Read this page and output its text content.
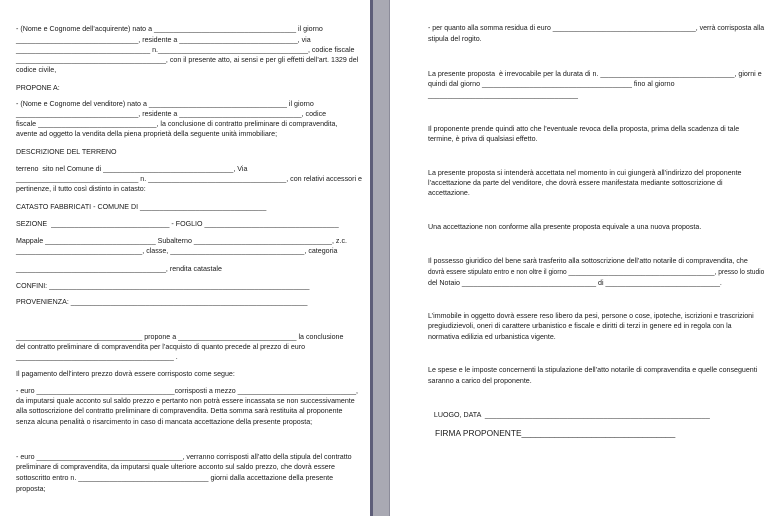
- (Nome e Cognome dell’acquirente) nato a ____________________________________ il giorno
_______________________________, residente a ______________________________, via
__________________________________ n.______________________________________, codice fiscale
______________________________________, con il presente atto, ai sensi e per gli effetti dell’art. 1329 del
codice civile,
PROPONE A:
- (Nome e Cognome del venditore) nato a ___________________________________ il giorno
_______________________________, residente a _______________________________, codice
fiscale ______________________________, la conclusione di contratto preliminare di compravendita,
avente ad oggetto la vendita della piena proprietà della seguente unità immobiliare;
DESCRIZIONE DEL TERRENO
terreno  sito nel Comune di _________________________________, Via
_______________________________ n. ___________________________________, con relativi accessori e
pertinenze, il tutto così distinto in catasto:
CATASTO FABBRICATI - COMUNE DI ________________________________
SEZIONE  ______________________________ - FOGLIO __________________________________
Mappale ____________________________ Subalterno ___________________________________, z.c.
________________________________, classe, __________________________________, categoria
______________________________________, rendita catastale
CONFINI: __________________________________________________________________
PROVENIENZA: ____________________________________________________________
________________________________ propone a ______________________________ la conclusione
del contratto preliminare di compravendita per l’acquisto di quanto precede al prezzo di euro
________________________________________ .
Il pagamento dell’intero prezzo dovrà essere corrisposto come segue:
- euro ___________________________________corrisposti a mezzo ______________________________,
da imputarsi quale acconto sul saldo prezzo e pertanto non potrà essere incassata se non successivamente
alla sottoscrizione del contratto preliminare di compravendita. Detta somma sarà restituita al proponente
senza alcuna penalità o risarcimento in caso di mancata accettazione della presente proposta;
- euro _____________________________________, verranno corrisposti all’atto della stipula del contratto
preliminare di compravendita, da imputarsi quale ulteriore acconto sul saldo prezzo, che dovrà essere
sottoscritto entro n. _________________________________ giorni dalla accettazione della presente
proposta;
- per quanto alla somma residua di euro _____________________________________, verrà corrisposta alla
stipula del rogito.
La presente proposta  è irrevocabile per la durata di n. __________________________________, giorni e
quindi dal giorno ______________________________________ fino al giorno
______________________________________
Il proponente prende quindi atto che l’eventuale revoca della proposta, prima della scadenza di tale
termine, è priva di qualsiasi effetto.
La presente proposta si intenderà accettata nel momento in cui giungerà all’indirizzo del proponente
l’accettazione da parte del venditore, che dovrà essere manifestata mediante sottoscrizione di
accettazione.
Una accettazione non conforme alla presente proposta equivale a una nuova proposta.
Il possesso giuridico del bene sarà trasferito alla sottoscrizione dell’atto notarile di compravendita, che
dovrà essere stipulato entro e non oltre il giorno ________________________________________, presso lo studio
del Notaio __________________________________ di _____________________________.
L’immobile in oggetto dovrà essere reso libero da pesi, persone o cose, ipoteche, iscrizioni e trascrizioni
pregiudizievoli, oneri di carattere urbanistico e fiscale e diritti di terzi in genere ed in regola con la
normativa edilizia ed urbanistica vigente.
Le spese e le imposte concernenti la stipulazione dell’atto notarile di compravendita e quelle conseguenti
saranno a carico del proponente.
LUOGO, DATA  _________________________________________________________
FIRMA PROPONENTE_________________________________
